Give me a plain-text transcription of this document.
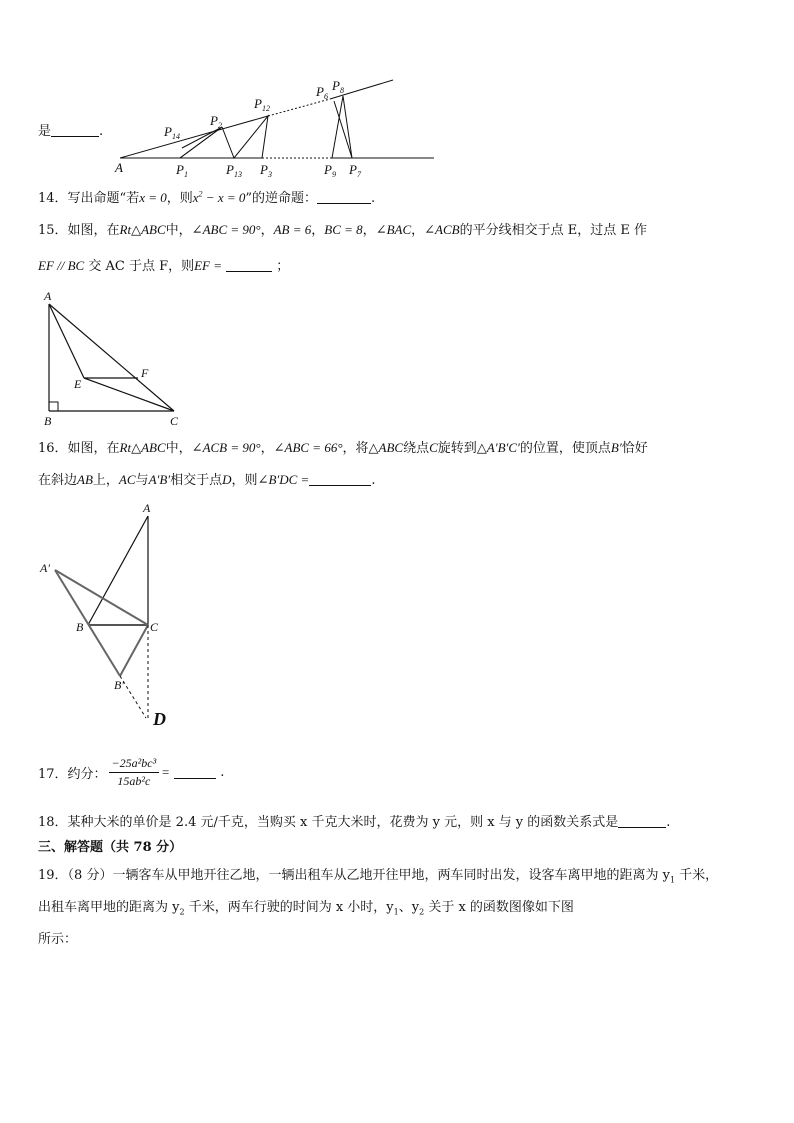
是	.
A	$P_1$	$P_{13}$ $P_3$	$P_9$ $P_7$
$P_{14}$
$P_2$
$P_{12}$
$P_6$
$P_8$
14．写出命题“若x = 0，则$x^2 - x = 0$”的逆命题：	.
15．如图，在Rt△ABC中，∠ABC = 90°，AB = 6，BC = 8，∠BAC，∠ACB的平分线相交于点 E，过点 E 作
EF // BC 交 AC 于点 F，则EF =	；
A
B	C
E
F
16．如图，在Rt△ABC中，∠ACB = 90°，∠ABC = 66°，将△ABC绕点C旋转到△A′B′C′的位置，使顶点B′恰好
在斜边AB上，AC与A′B′相交于点D，则∠B′DC =	.
A
A′
B	C
B′
D
17．约分： $\frac{\text{−25a²bc³}}{\text{15ab²c}}$ =	.
18．某种大米的单价是 2.4 元/千克，当购买 x 千克大米时，花费为 y 元，则 x 与 y 的函数关系式是	.
三、解答题（共 78 分）
19．（8 分）一辆客车从甲地开往乙地，一辆出租车从乙地开往甲地，两车同时出发，设客车离甲地的距离为 $y_1$ 千米，
出租车离甲地的距离为 $y_2$ 千米，两车行驶的时间为 x 小时，$y_1$、$y_2$ 关于 x 的函数图像如下图
所示：
